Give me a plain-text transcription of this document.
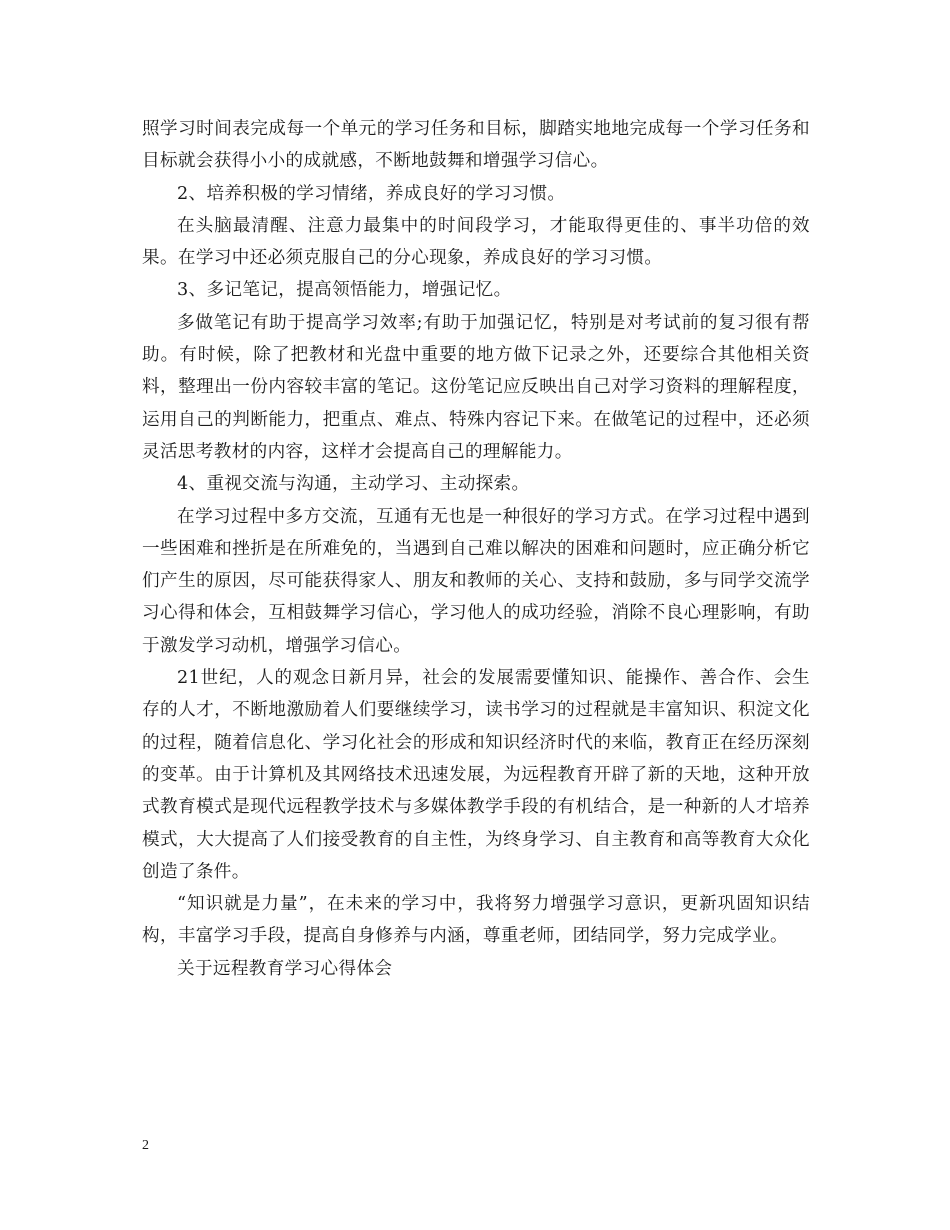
照学习时间表完成每一个单元的学习任务和目标，脚踏实地地完成每一个学习任务和目标就会获得小小的成就感，不断地鼓舞和增强学习信心。

2、培养积极的学习情绪，养成良好的学习习惯。

在头脑最清醒、注意力最集中的时间段学习，才能取得更佳的、事半功倍的效果。在学习中还必须克服自己的分心现象，养成良好的学习习惯。

3、多记笔记，提高领悟能力，增强记忆。

多做笔记有助于提高学习效率;有助于加强记忆，特别是对考试前的复习很有帮助。有时候，除了把教材和光盘中重要的地方做下记录之外，还要综合其他相关资料，整理出一份内容较丰富的笔记。这份笔记应反映出自己对学习资料的理解程度，运用自己的判断能力，把重点、难点、特殊内容记下来。在做笔记的过程中，还必须灵活思考教材的内容，这样才会提高自己的理解能力。

4、重视交流与沟通，主动学习、主动探索。

在学习过程中多方交流，互通有无也是一种很好的学习方式。在学习过程中遇到一些困难和挫折是在所难免的，当遇到自己难以解决的困难和问题时，应正确分析它们产生的原因，尽可能获得家人、朋友和教师的关心、支持和鼓励，多与同学交流学习心得和体会，互相鼓舞学习信心，学习他人的成功经验，消除不良心理影响，有助于激发学习动机，增强学习信心。

21世纪，人的观念日新月异，社会的发展需要懂知识、能操作、善合作、会生存的人才，不断地激励着人们要继续学习，读书学习的过程就是丰富知识、积淀文化的过程，随着信息化、学习化社会的形成和知识经济时代的来临，教育正在经历深刻的变革。由于计算机及其网络技术迅速发展，为远程教育开辟了新的天地，这种开放式教育模式是现代远程教学技术与多媒体教学手段的有机结合，是一种新的人才培养模式，大大提高了人们接受教育的自主性，为终身学习、自主教育和高等教育大众化创造了条件。

“知识就是力量”，在未来的学习中，我将努力增强学习意识，更新巩固知识结构，丰富学习手段，提高自身修养与内涵，尊重老师，团结同学，努力完成学业。

关于远程教育学习心得体会

2
